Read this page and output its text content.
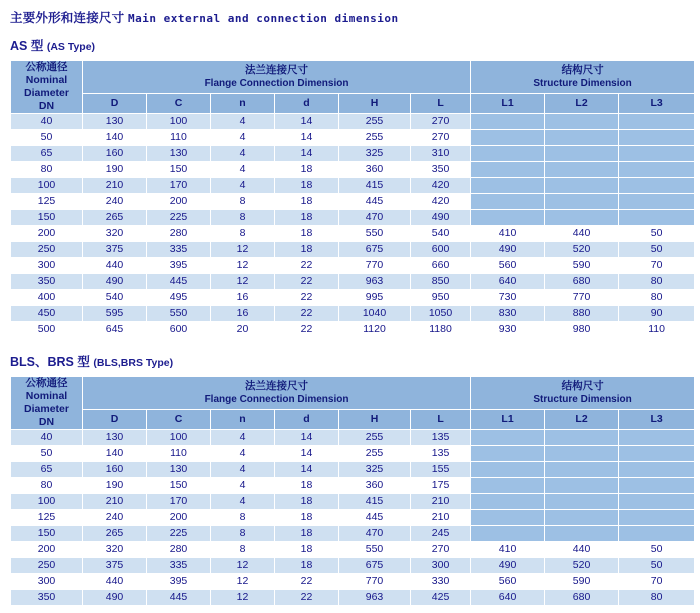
主要外形和连接尺寸 Main external and connection dimension
AS 型 (AS Type)
公称通径
Nominal
Diameter
DN	法兰连接尺寸
Flange Connection Dimension						结构尺寸
Structure Dimension		

	D	C	n	d	H	L	L1	L2	L3
40	130	100	4	14	255	270			
50	140	110	4	14	255	270			
65	160	130	4	14	325	310			
80	190	150	4	18	360	350			
100	210	170	4	18	415	420			
125	240	200	8	18	445	420			
150	265	225	8	18	470	490			
200	320	280	8	18	550	540	410	440	50
250	375	335	12	18	675	600	490	520	50
300	440	395	12	22	770	660	560	590	70
350	490	445	12	22	963	850	640	680	80
400	540	495	16	22	995	950	730	770	80
450	595	550	16	22	1040	1050	830	880	90
500	645	600	20	22	1120	1180	930	980	110
BLS、BRS 型 (BLS,BRS Type)
公称通径
Nominal
Diameter
DN	法兰连接尺寸
Flange Connection Dimension						结构尺寸
Structure Dimension		

	D	C	n	d	H	L	L1	L2	L3
40	130	100	4	14	255	135			
50	140	110	4	14	255	135			
65	160	130	4	14	325	155			
80	190	150	4	18	360	175			
100	210	170	4	18	415	210			
125	240	200	8	18	445	210			
150	265	225	8	18	470	245			
200	320	280	8	18	550	270	410	440	50
250	375	335	12	18	675	300	490	520	50
300	440	395	12	22	770	330	560	590	70
350	490	445	12	22	963	425	640	680	80
